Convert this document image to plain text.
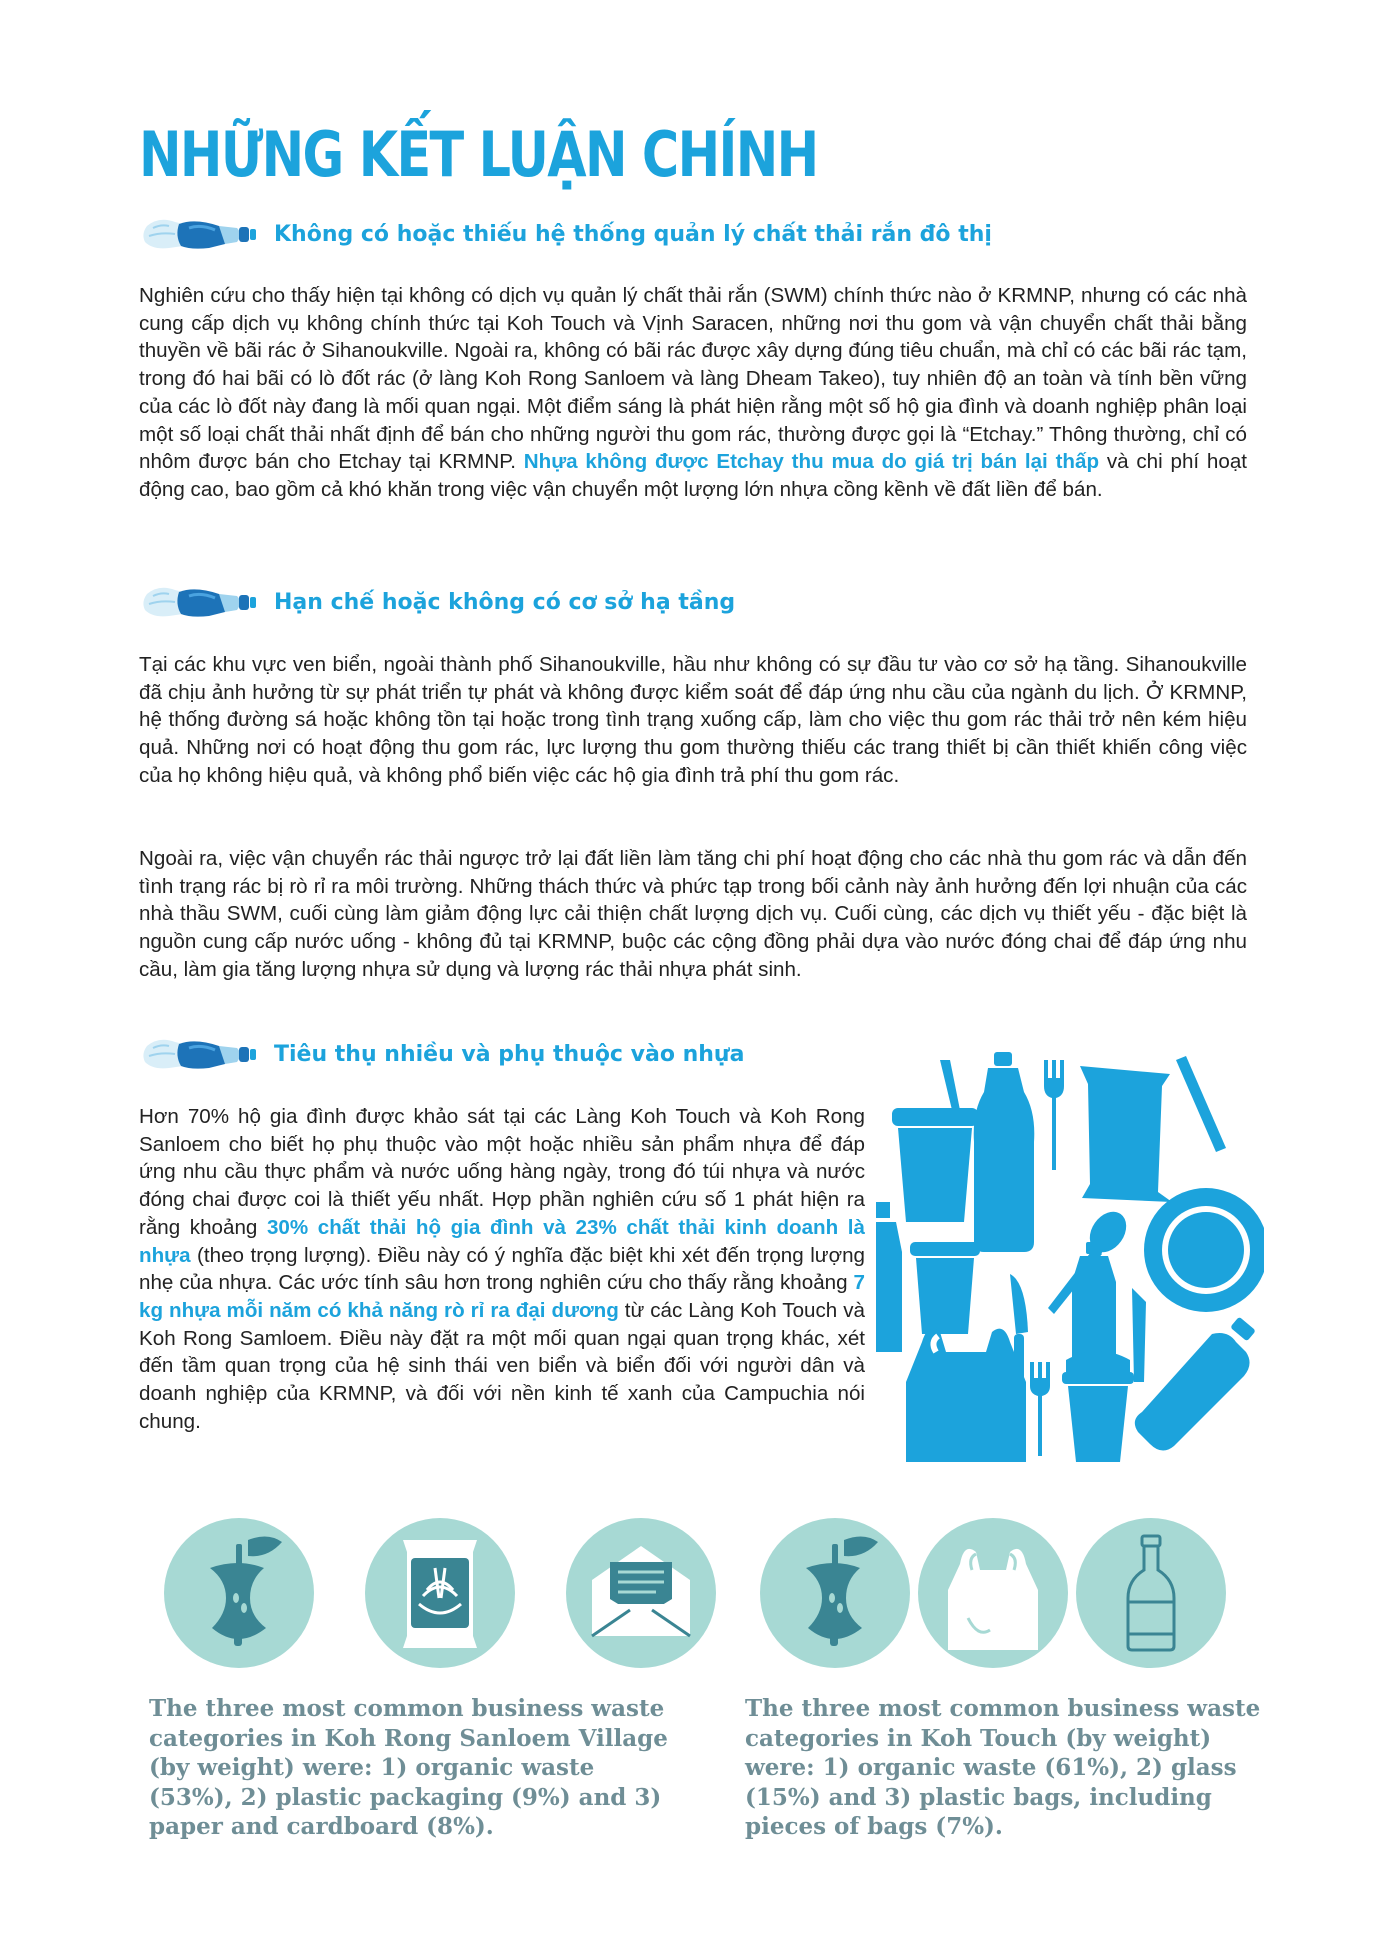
NHỮNG KẾT LUẬN CHÍNH
Không có hoặc thiếu hệ thống quản lý chất thải rắn đô thị
Nghiên cứu cho thấy hiện tại không có dịch vụ quản lý chất thải rắn (SWM) chính thức nào ở KRMNP, nhưng có các nhà cung cấp dịch vụ không chính thức tại Koh Touch và Vịnh Saracen, những nơi thu gom và vận chuyển chất thải bằng thuyền về bãi rác ở Sihanoukville. Ngoài ra, không có bãi rác được xây dựng đúng tiêu chuẩn, mà chỉ có các bãi rác tạm, trong đó hai bãi có lò đốt rác (ở làng Koh Rong Sanloem và làng Dheam Takeo), tuy nhiên độ an toàn và tính bền vững của các lò đốt này đang là mối quan ngại. Một điểm sáng là phát hiện rằng một số hộ gia đình và doanh nghiệp phân loại một số loại chất thải nhất định để bán cho những người thu gom rác, thường được gọi là “Etchay.” Thông thường, chỉ có nhôm được bán cho Etchay tại KRMNP. Nhựa không được Etchay thu mua do giá trị bán lại thấp và chi phí hoạt động cao, bao gồm cả khó khăn trong việc vận chuyển một lượng lớn nhựa cồng kềnh về đất liền để bán.
Hạn chế hoặc không có cơ sở hạ tầng
Tại các khu vực ven biển, ngoài thành phố Sihanoukville, hầu như không có sự đầu tư vào cơ sở hạ tầng. Sihanoukville đã chịu ảnh hưởng từ sự phát triển tự phát và không được kiểm soát để đáp ứng nhu cầu của ngành du lịch. Ở KRMNP, hệ thống đường sá hoặc không tồn tại hoặc trong tình trạng xuống cấp, làm cho việc thu gom rác thải trở nên kém hiệu quả. Những nơi có hoạt động thu gom rác, lực lượng thu gom thường thiếu các trang thiết bị cần thiết khiến công việc của họ không hiệu quả, và không phổ biến việc các hộ gia đình trả phí thu gom rác.
Ngoài ra, việc vận chuyển rác thải ngược trở lại đất liền làm tăng chi phí hoạt động cho các nhà thu gom rác và dẫn đến tình trạng rác bị rò rỉ ra môi trường. Những thách thức và phức tạp trong bối cảnh này ảnh hưởng đến lợi nhuận của các nhà thầu SWM, cuối cùng làm giảm động lực cải thiện chất lượng dịch vụ. Cuối cùng, các dịch vụ thiết yếu - đặc biệt là nguồn cung cấp nước uống - không đủ tại KRMNP, buộc các cộng đồng phải dựa vào nước đóng chai để đáp ứng nhu cầu, làm gia tăng lượng nhựa sử dụng và lượng rác thải nhựa phát sinh.
Tiêu thụ nhiều và phụ thuộc vào nhựa
Hơn 70% hộ gia đình được khảo sát tại các Làng Koh Touch và Koh Rong Sanloem cho biết họ phụ thuộc vào một hoặc nhiều sản phẩm nhựa để đáp ứng nhu cầu thực phẩm và nước uống hàng ngày, trong đó túi nhựa và nước đóng chai được coi là thiết yếu nhất. Hợp phần nghiên cứu số 1 phát hiện ra rằng khoảng 30% chất thải hộ gia đình và 23% chất thải kinh doanh là nhựa (theo trọng lượng). Điều này có ý nghĩa đặc biệt khi xét đến trọng lượng nhẹ của nhựa. Các ước tính sâu hơn trong nghiên cứu cho thấy rằng khoảng 7 kg nhựa mỗi năm có khả năng rò rỉ ra đại dương từ các Làng Koh Touch và Koh Rong Samloem. Điều này đặt ra một mối quan ngại quan trọng khác, xét đến tầm quan trọng của hệ sinh thái ven biển và biển đối với người dân và doanh nghiệp của KRMNP, và đối với nền kinh tế xanh của Campuchia nói chung.
The three most common business waste
categories in Koh Rong Sanloem Village
(by weight) were: 1) organic waste
(53%), 2) plastic packaging (9%) and 3)
paper and cardboard (8%).
The three most common business waste
categories in Koh Touch (by weight)
were: 1) organic waste (61%), 2) glass
(15%) and 3) plastic bags, including
pieces of bags (7%).
